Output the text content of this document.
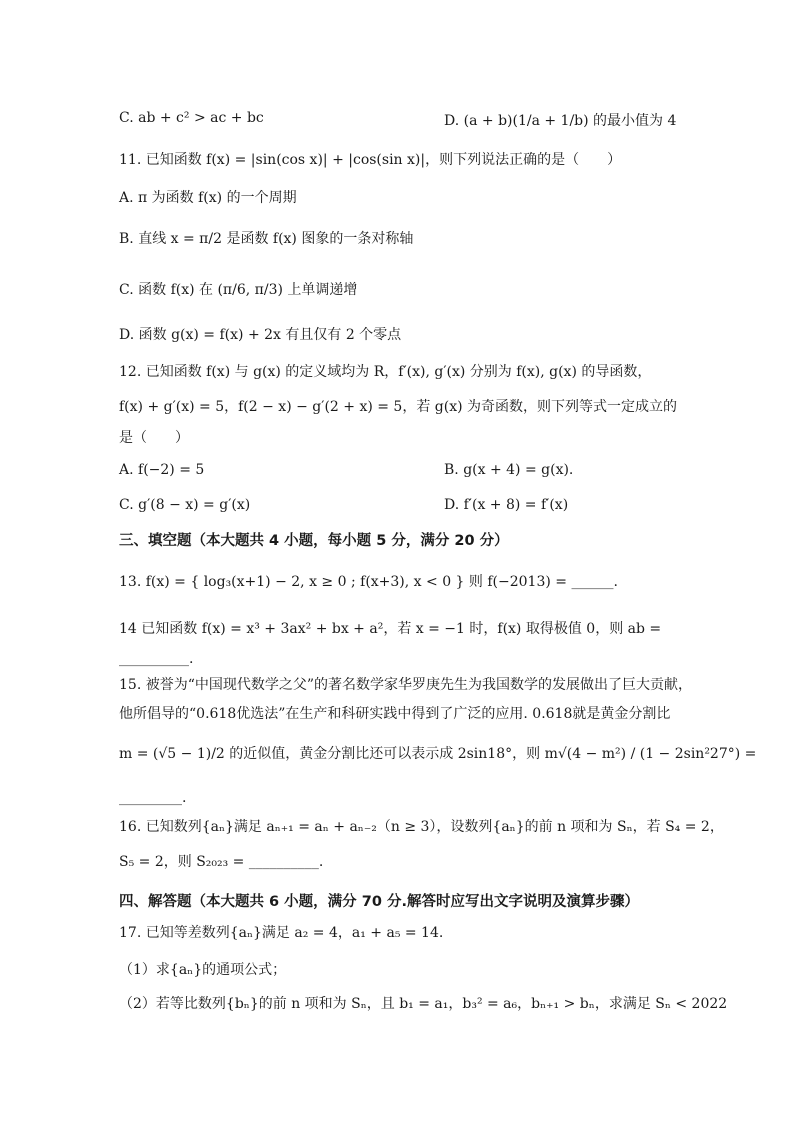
C. ab + c² > ac + bc	D. (a + b)(1/a + 1/b) 的最小值为 4
11. 已知函数 f(x) = |sin(cos x)| + |cos(sin x)|，则下列说法正确的是（　　）
A. π 为函数 f(x) 的一个周期
B. 直线 x = π/2 是函数 f(x) 图象的一条对称轴
C. 函数 f(x) 在 (π/6, π/3) 上单调递增
D. 函数 g(x) = f(x) + 2x 有且仅有 2 个零点
12. 已知函数 f(x) 与 g(x) 的定义域均为 R，f′(x), g′(x) 分别为 f(x), g(x) 的导函数，
f(x) + g′(x) = 5，f(2 − x) − g′(2 + x) = 5，若 g(x) 为奇函数，则下列等式一定成立的
是（　　）
A. f(−2) = 5	B. g(x + 4) = g(x).
C. g′(8 − x) = g′(x)	D. f′(x + 8) = f′(x)
三、填空题（本大题共 4 小题，每小题 5 分，满分 20 分）
13. f(x) = { log₃(x+1) − 2, x ≥ 0 ; f(x+3), x < 0 } 则 f(−2013) = ______.
14 已知函数 f(x) = x³ + 3ax² + bx + a²，若 x = −1 时，f(x) 取得极值 0，则 ab =
__________.
15. 被誉为“中国现代数学之父”的著名数学家华罗庚先生为我国数学的发展做出了巨大贡献，
他所倡导的“0.618优选法”在生产和科研实践中得到了广泛的应用. 0.618就是黄金分割比
m = (√5 − 1)/2 的近似值，黄金分割比还可以表示成 2sin18°，则 m√(4 − m²) / (1 − 2sin²27°) =
_________.
16. 已知数列{aₙ}满足 aₙ₊₁ = aₙ + aₙ₋₂（n ≥ 3），设数列{aₙ}的前 n 项和为 Sₙ，若 S₄ = 2，
S₅ = 2，则 S₂₀₂₃ = __________.
四、解答题（本大题共 6 小题，满分 70 分.解答时应写出文字说明及演算步骤）
17. 已知等差数列{aₙ}满足 a₂ = 4，a₁ + a₅ = 14.
（1）求{aₙ}的通项公式；
（2）若等比数列{bₙ}的前 n 项和为 Sₙ，且 b₁ = a₁，b₃² = a₆，bₙ₊₁ > bₙ，求满足 Sₙ < 2022
